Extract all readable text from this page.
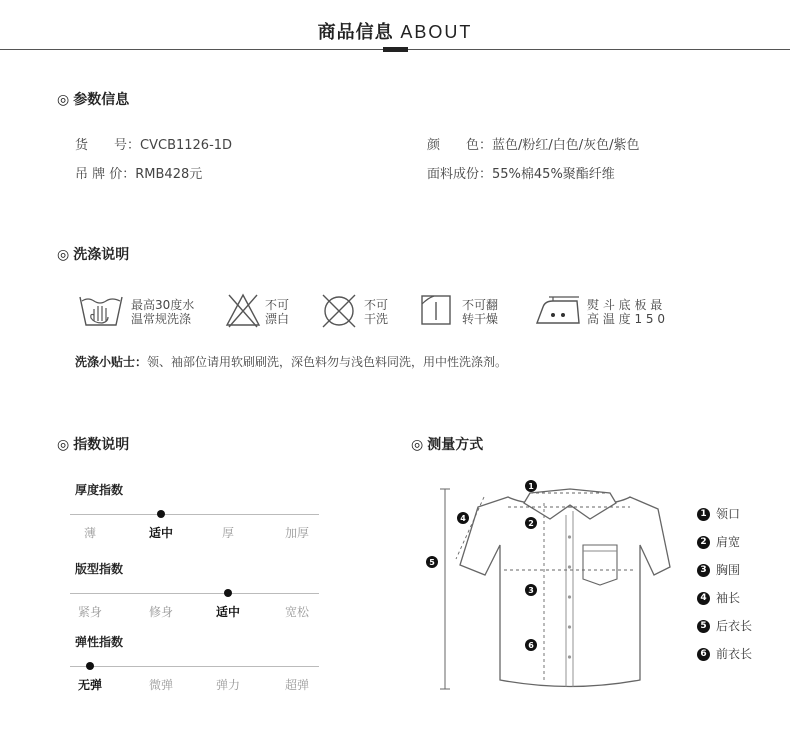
商品信息 ABOUT
◎ 参数信息
货　　号：CVCB1126-1D
吊 牌 价：RMB428元
颜　　色：蓝色/粉红/白色/灰色/紫色
面料成份：55%棉45%聚酯纤维
◎ 洗涤说明
最高30度水
温常规洗涤
不可
漂白
不可
干洗
不可翻
转干燥
熨 斗 底 板 最
高 温 度 1 5 0
洗涤小贴士：领、袖部位请用软刷刷洗，深色料勿与浅色料同洗，用中性洗涤剂。
◎ 指数说明
厚度指数
薄	适中	厚	加厚
版型指数
紧身	修身	适中	宽松
弹性指数
无弹	微弹	弹力	超弹
◎ 测量方式
1
2
3
4
5
6
1 领口
2 肩宽
3 胸围
4 袖长
5 后衣长
6 前衣长
